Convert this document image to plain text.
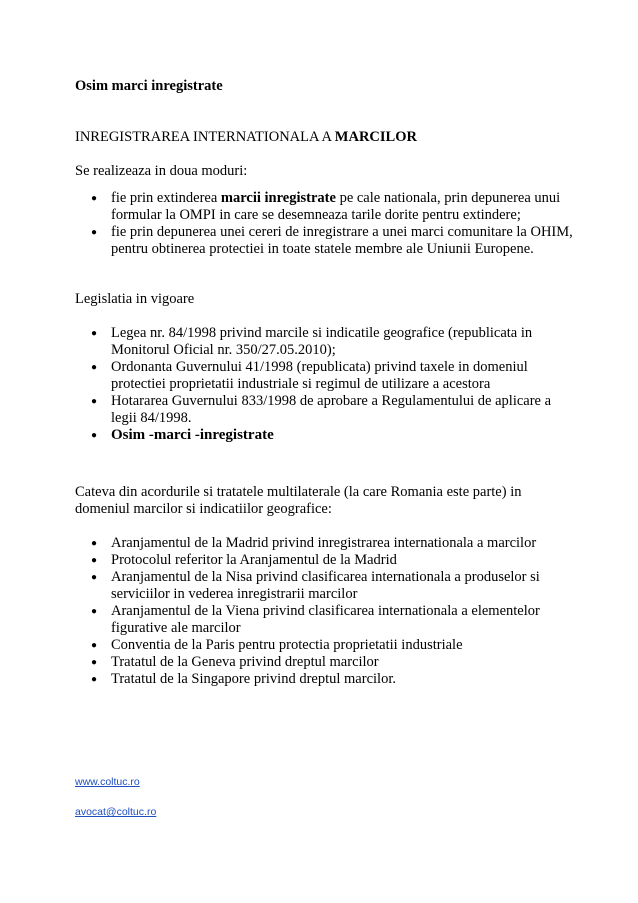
Osim marci inregistrate

INREGISTRAREA INTERNATIONALA A MARCILOR

Se realizeaza in doua moduri:

● fie prin extinderea marcii inregistrate pe cale nationala, prin depunerea unui formular la OMPI in care se desemneaza tarile dorite pentru extindere;
● fie prin depunerea unei cereri de inregistrare a unei marci comunitare la OHIM, pentru obtinerea protectiei in toate statele membre ale Uniunii Europene.

Legislatia in vigoare

● Legea nr. 84/1998 privind marcile si indicatile geografice (republicata in Monitorul Oficial nr. 350/27.05.2010);
● Ordonanta Guvernului 41/1998 (republicata) privind taxele in domeniul protectiei proprietatii industriale si regimul de utilizare a acestora
● Hotararea Guvernului 833/1998 de aprobare a Regulamentului de aplicare a legii 84/1998.
● Osim -marci -inregistrate

Cateva din acordurile si tratatele multilaterale (la care Romania este parte) in domeniul marcilor si indicatiilor geografice:

● Aranjamentul de la Madrid privind inregistrarea internationala a marcilor
● Protocolul referitor la Aranjamentul de la Madrid
● Aranjamentul de la Nisa privind clasificarea internationala a produselor si serviciilor in vederea inregistrarii marcilor
● Aranjamentul de la Viena privind clasificarea internationala a elementelor figurative ale marcilor
● Conventia de la Paris pentru protectia proprietatii industriale
● Tratatul de la Geneva privind dreptul marcilor
● Tratatul de la Singapore privind dreptul marcilor.
www.coltuc.ro
avocat@coltuc.ro
